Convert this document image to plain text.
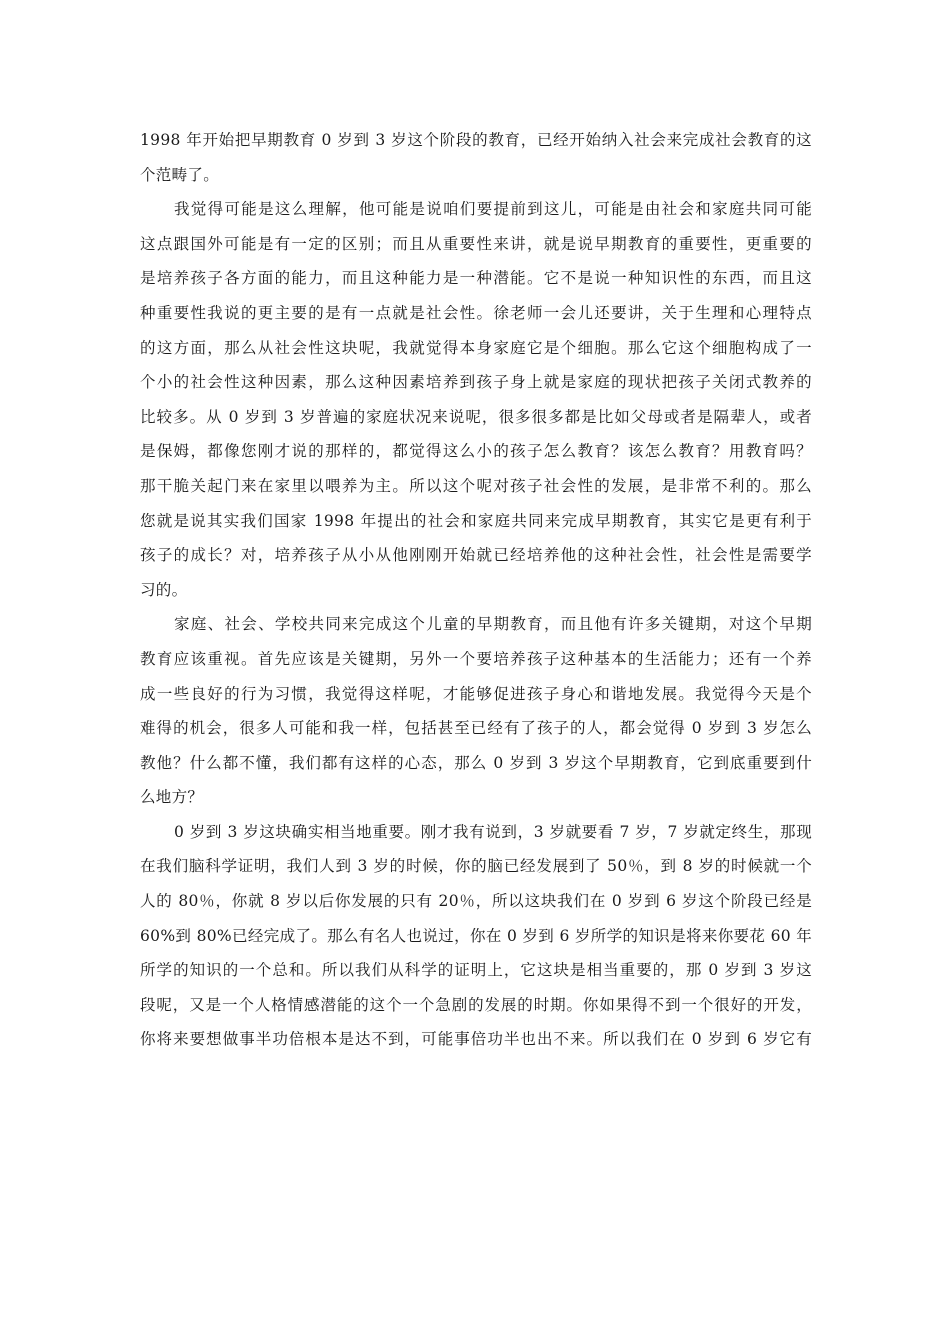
1998 年开始把早期教育 0 岁到 3 岁这个阶段的教育，已经开始纳入社会来完成社会教育的这
个范畴了。
我觉得可能是这么理解，他可能是说咱们要提前到这儿，可能是由社会和家庭共同可能
这点跟国外可能是有一定的区别；而且从重要性来讲，就是说早期教育的重要性，更重要的
是培养孩子各方面的能力，而且这种能力是一种潜能。它不是说一种知识性的东西，而且这
种重要性我说的更主要的是有一点就是社会性。徐老师一会儿还要讲，关于生理和心理特点
的这方面，那么从社会性这块呢，我就觉得本身家庭它是个细胞。那么它这个细胞构成了一
个小的社会性这种因素，那么这种因素培养到孩子身上就是家庭的现状把孩子关闭式教养的
比较多。从 0 岁到 3 岁普遍的家庭状况来说呢，很多很多都是比如父母或者是隔辈人，或者
是保姆，都像您刚才说的那样的，都觉得这么小的孩子怎么教育？该怎么教育？用教育吗？
那干脆关起门来在家里以喂养为主。所以这个呢对孩子社会性的发展，是非常不利的。那么
您就是说其实我们国家 1998 年提出的社会和家庭共同来完成早期教育，其实它是更有利于
孩子的成长？对，培养孩子从小从他刚刚开始就已经培养他的这种社会性，社会性是需要学
习的。
家庭、社会、学校共同来完成这个儿童的早期教育，而且他有许多关键期，对这个早期
教育应该重视。首先应该是关键期，另外一个要培养孩子这种基本的生活能力；还有一个养
成一些良好的行为习惯，我觉得这样呢，才能够促进孩子身心和谐地发展。我觉得今天是个
难得的机会，很多人可能和我一样，包括甚至已经有了孩子的人，都会觉得 0 岁到 3 岁怎么
教他？什么都不懂，我们都有这样的心态，那么 0 岁到 3 岁这个早期教育，它到底重要到什
么地方？
0 岁到 3 岁这块确实相当地重要。刚才我有说到，3 岁就要看 7 岁，7 岁就定终生，那现
在我们脑科学证明，我们人到 3 岁的时候，你的脑已经发展到了 50％，到 8 岁的时候就一个
人的 80％，你就 8 岁以后你发展的只有 20％，所以这块我们在 0 岁到 6 岁这个阶段已经是
60%到 80%已经完成了。那么有名人也说过，你在 0 岁到 6 岁所学的知识是将来你要花 60 年
所学的知识的一个总和。所以我们从科学的证明上，它这块是相当重要的，那 0 岁到 3 岁这
段呢，又是一个人格情感潜能的这个一个急剧的发展的时期。你如果得不到一个很好的开发，
你将来要想做事半功倍根本是达不到，可能事倍功半也出不来。所以我们在 0 岁到 6 岁它有
